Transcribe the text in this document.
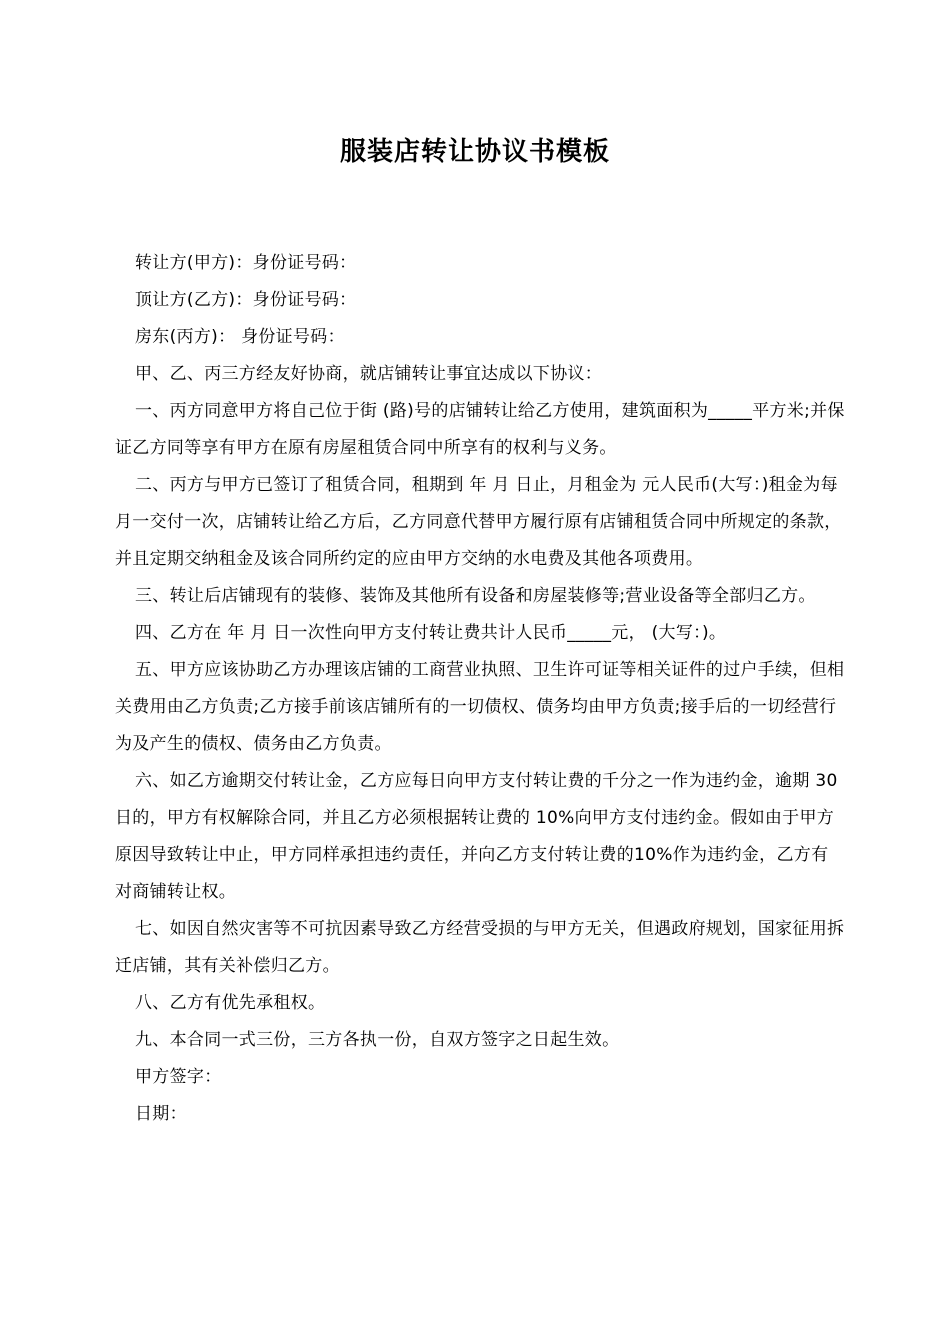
服装店转让协议书模板

转让方(甲方)：身份证号码：

顶让方(乙方)：身份证号码：

房东(丙方)： 身份证号码：

甲、乙、丙三方经友好协商，就店铺转让事宜达成以下协议：

一、丙方同意甲方将自己位于街 (路)号的店铺转让给乙方使用，建筑面积为_____平方米;并保证乙方同等享有甲方在原有房屋租赁合同中所享有的权利与义务。

二、丙方与甲方已签订了租赁合同，租期到 年 月 日止，月租金为 元人民币(大写：)租金为每月一交付一次，店铺转让给乙方后，乙方同意代替甲方履行原有店铺租赁合同中所规定的条款，并且定期交纳租金及该合同所约定的应由甲方交纳的水电费及其他各项费用。

三、转让后店铺现有的装修、装饰及其他所有设备和房屋装修等;营业设备等全部归乙方。

四、乙方在 年 月 日一次性向甲方支付转让费共计人民币_____元， (大写：)。

五、甲方应该协助乙方办理该店铺的工商营业执照、卫生许可证等相关证件的过户手续，但相关费用由乙方负责;乙方接手前该店铺所有的一切债权、债务均由甲方负责;接手后的一切经营行为及产生的债权、债务由乙方负责。

六、如乙方逾期交付转让金，乙方应每日向甲方支付转让费的千分之一作为违约金，逾期 30 日的，甲方有权解除合同，并且乙方必须根据转让费的 10%向甲方支付违约金。假如由于甲方原因导致转让中止，甲方同样承担违约责任，并向乙方支付转让费的10%作为违约金，乙方有对商铺转让权。

七、如因自然灾害等不可抗因素导致乙方经营受损的与甲方无关，但遇政府规划，国家征用拆迁店铺，其有关补偿归乙方。

八、乙方有优先承租权。

九、本合同一式三份，三方各执一份，自双方签字之日起生效。

甲方签字：

日期：
